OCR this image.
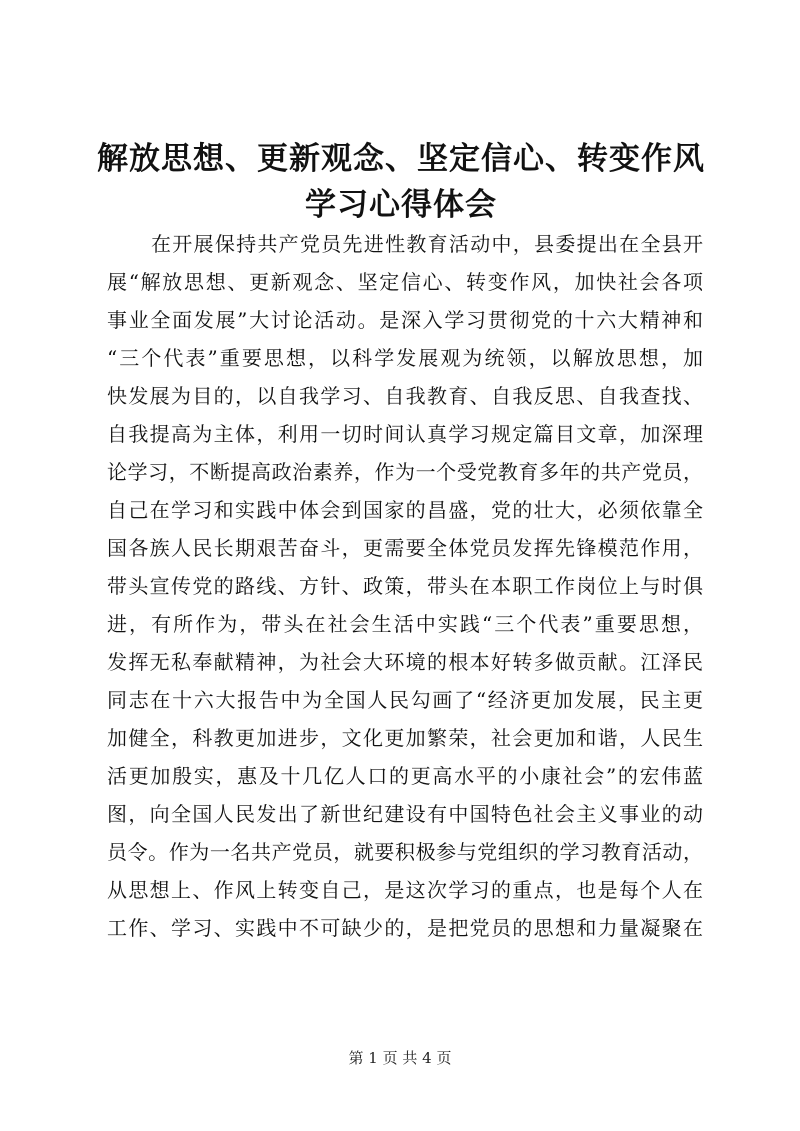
解放思想、更新观念、坚定信心、转变作风学习心得体会
在开展保持共产党员先进性教育活动中，县委提出在全县开
展“解放思想、更新观念、坚定信心、转变作风，加快社会各项
事业全面发展”大讨论活动。是深入学习贯彻党的十六大精神和
“三个代表”重要思想，以科学发展观为统领，以解放思想，加
快发展为目的，以自我学习、自我教育、自我反思、自我查找、
自我提高为主体，利用一切时间认真学习规定篇目文章，加深理
论学习，不断提高政治素养，作为一个受党教育多年的共产党员，
自己在学习和实践中体会到国家的昌盛，党的壮大，必须依靠全
国各族人民长期艰苦奋斗，更需要全体党员发挥先锋模范作用，
带头宣传党的路线、方针、政策，带头在本职工作岗位上与时俱
进，有所作为，带头在社会生活中实践“三个代表”重要思想，
发挥无私奉献精神，为社会大环境的根本好转多做贡献。江泽民
同志在十六大报告中为全国人民勾画了“经济更加发展，民主更
加健全，科教更加进步，文化更加繁荣，社会更加和谐，人民生
活更加殷实，惠及十几亿人口的更高水平的小康社会”的宏伟蓝
图，向全国人民发出了新世纪建设有中国特色社会主义事业的动
员令。作为一名共产党员，就要积极参与党组织的学习教育活动，
从思想上、作风上转变自己，是这次学习的重点，也是每个人在
工作、学习、实践中不可缺少的，是把党员的思想和力量凝聚在
第 1 页 共 4 页
